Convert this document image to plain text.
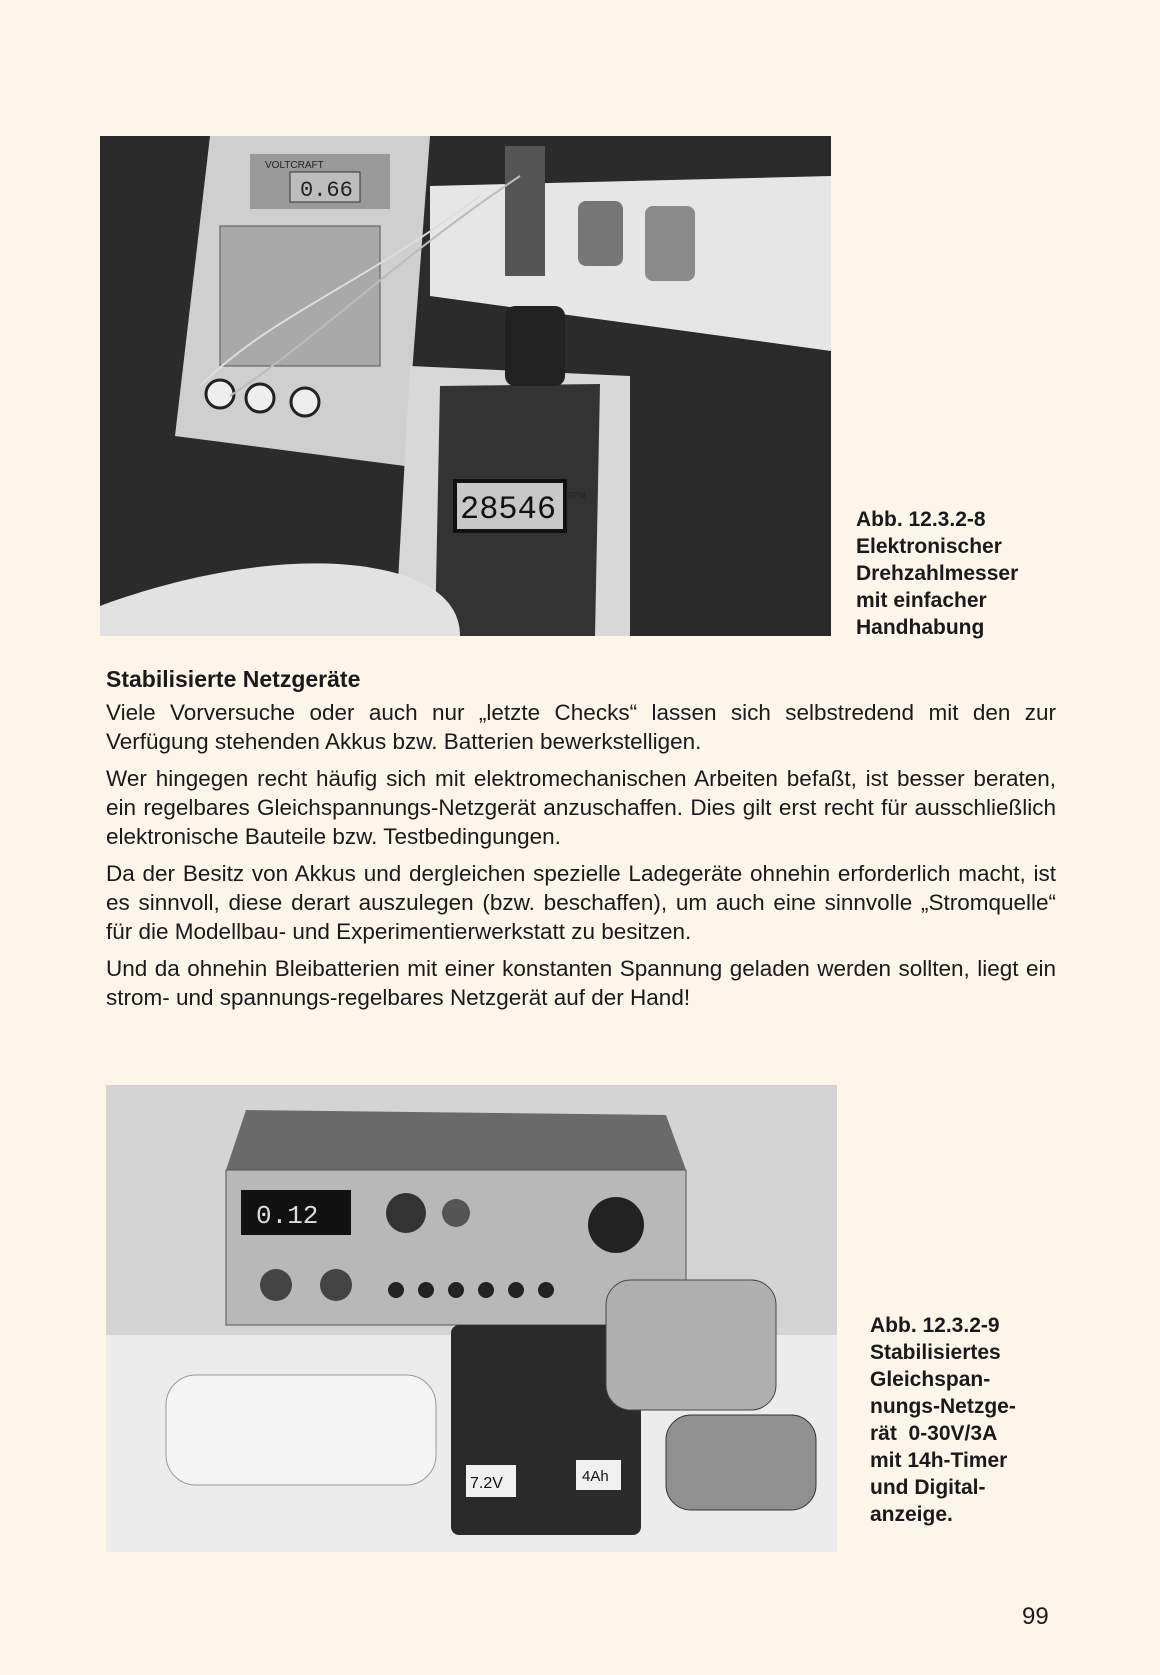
VOLTCRAFT
0.66
28546 RPM
Abb. 12.3.2-8
Elektronischer
Drehzahlmesser
mit einfacher
Handhabung
Stabilisierte Netzgeräte

Viele Vorversuche oder auch nur „letzte Checks“ lassen sich selbstredend mit den zur Verfügung stehenden Akkus bzw. Batterien bewerkstelligen.

Wer hingegen recht häufig sich mit elektromechanischen Arbeiten befaßt, ist besser beraten, ein regelbares Gleichspannungs-Netzgerät anzuschaffen. Dies gilt erst recht für ausschließlich elektronische Bauteile bzw. Testbedingungen.

Da der Besitz von Akkus und dergleichen spezielle Ladegeräte ohnehin erforderlich macht, ist es sinnvoll, diese derart auszulegen (bzw. beschaffen), um auch eine sinnvolle „Stromquelle“ für die Modellbau- und Experimentierwerkstatt zu besitzen.

Und da ohnehin Bleibatterien mit einer konstanten Spannung geladen werden sollten, liegt ein strom- und spannungs-regelbares Netzgerät auf der Hand!

0.12
7.2V	4Ah
Abb. 12.3.2-9
Stabilisiertes
Gleichspan-
nungs-Netzge-
rät  0-30V/3A
mit 14h-Timer
und Digital-
anzeige.
99
